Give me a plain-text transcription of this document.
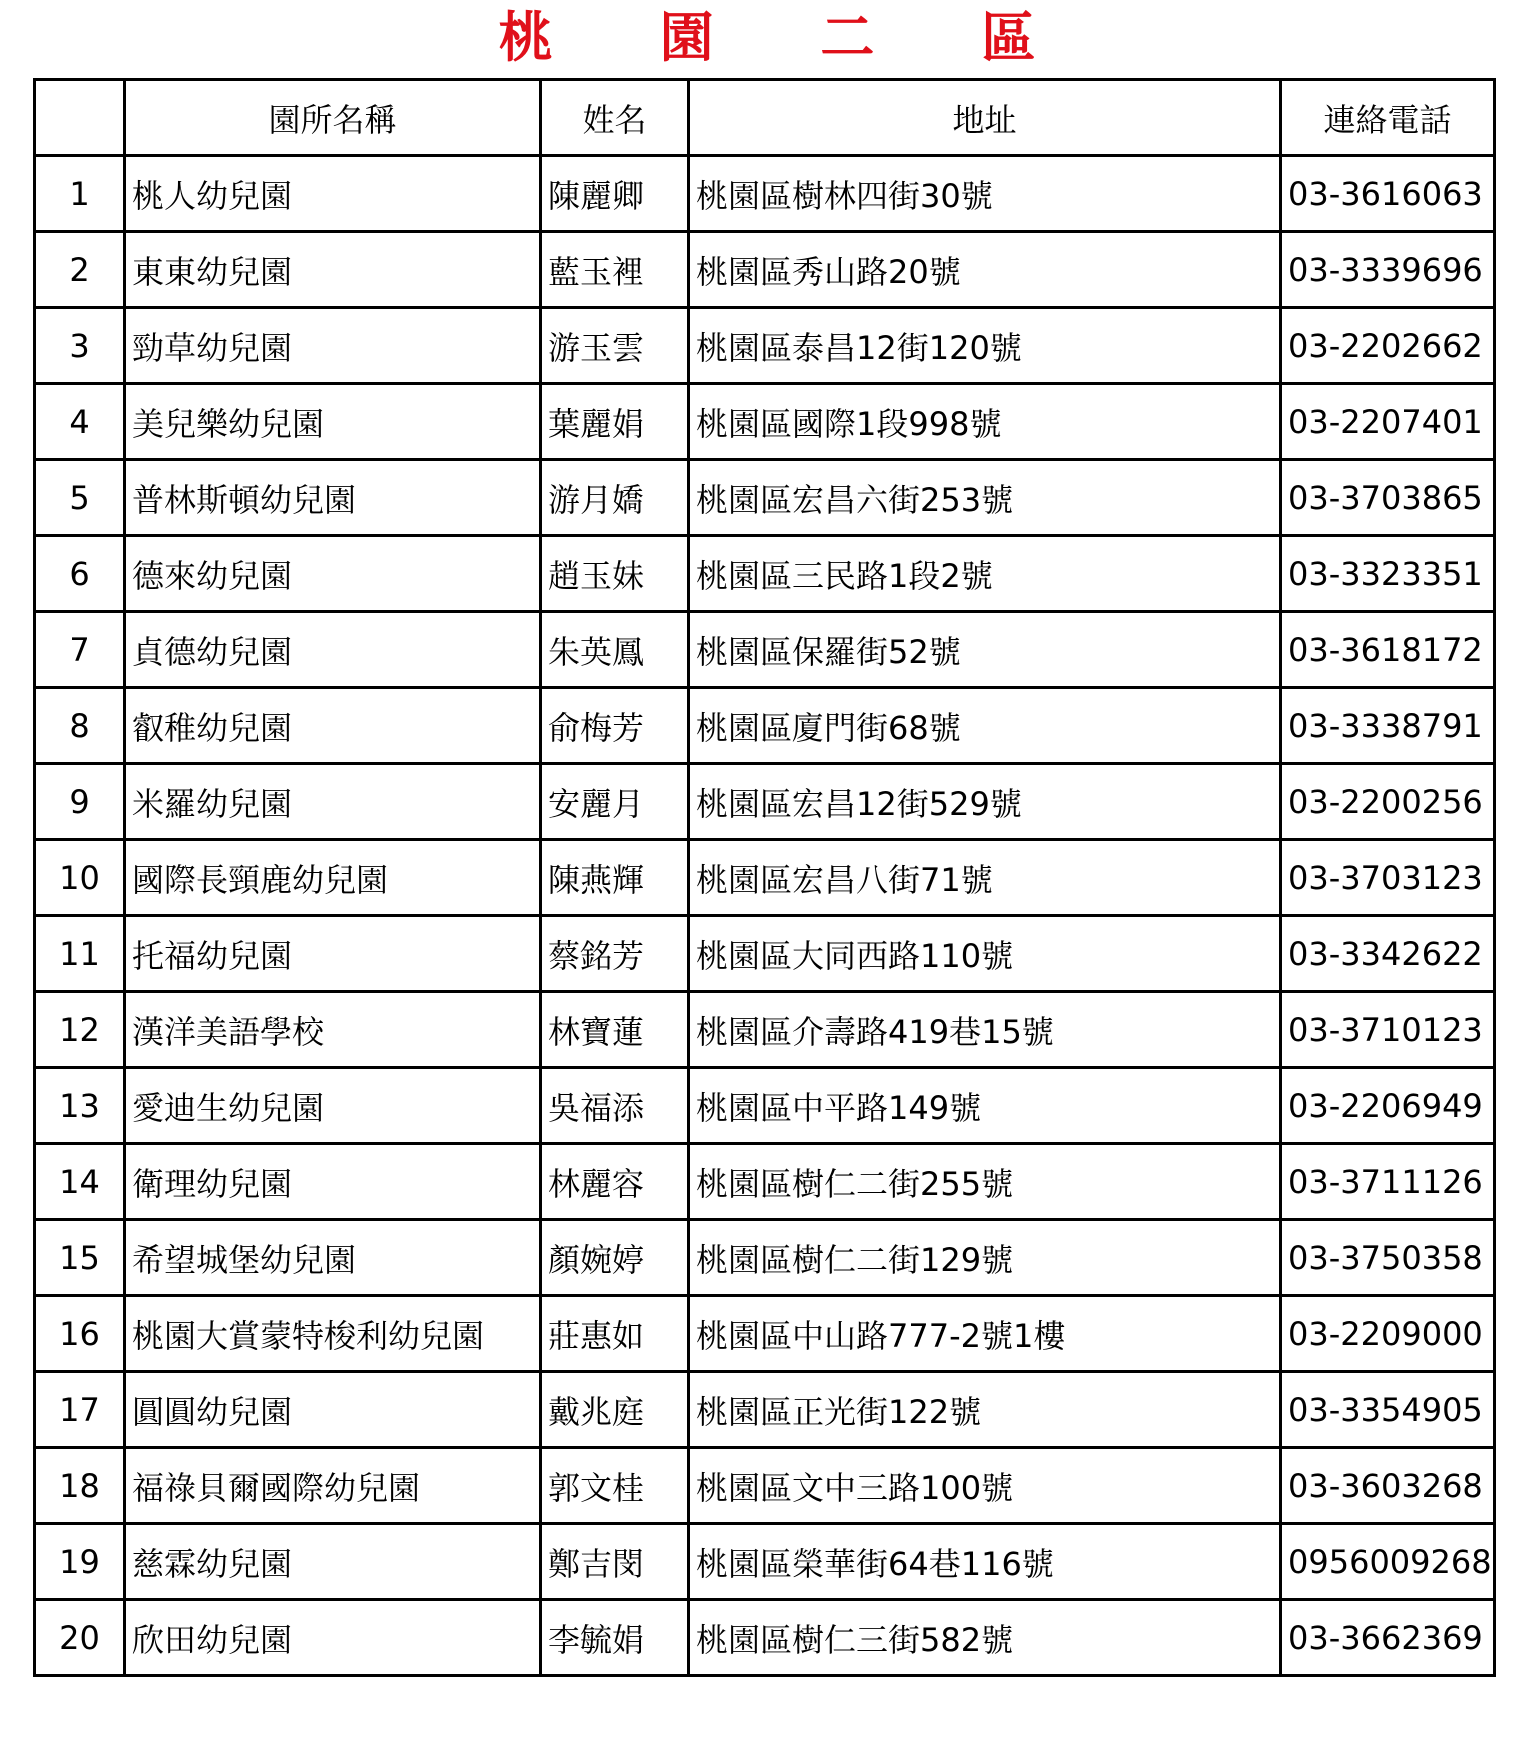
桃 園 二 區
	園所名稱	姓名	地址	連絡電話
1	桃人幼兒園	陳麗卿	桃園區樹林四街30號	03-3616063
2	東東幼兒園	藍玉裡	桃園區秀山路20號	03-3339696
3	勁草幼兒園	游玉雲	桃園區泰昌12街120號	03-2202662
4	美兒樂幼兒園	葉麗娟	桃園區國際1段998號	03-2207401
5	普林斯頓幼兒園	游月嬌	桃園區宏昌六街253號	03-3703865
6	德來幼兒園	趙玉妹	桃園區三民路1段2號	03-3323351
7	貞德幼兒園	朱英鳳	桃園區保羅街52號	03-3618172
8	叡稚幼兒園	俞梅芳	桃園區廈門街68號	03-3338791
9	米羅幼兒園	安麗月	桃園區宏昌12街529號	03-2200256
10	國際長頸鹿幼兒園	陳燕輝	桃園區宏昌八街71號	03-3703123
11	托福幼兒園	蔡銘芳	桃園區大同西路110號	03-3342622
12	漢洋美語學校	林寶蓮	桃園區介壽路419巷15號	03-3710123
13	愛迪生幼兒園	吳福添	桃園區中平路149號	03-2206949
14	衛理幼兒園	林麗容	桃園區樹仁二街255號	03-3711126
15	希望城堡幼兒園	顏婉婷	桃園區樹仁二街129號	03-3750358
16	桃園大賞蒙特梭利幼兒園	莊惠如	桃園區中山路777-2號1樓	03-2209000
17	圓圓幼兒園	戴兆庭	桃園區正光街122號	03-3354905
18	福祿貝爾國際幼兒園	郭文桂	桃園區文中三路100號	03-3603268
19	慈霖幼兒園	鄭吉閔	桃園區榮華街64巷116號	0956009268
20	欣田幼兒園	李毓娟	桃園區樹仁三街582號	03-3662369
